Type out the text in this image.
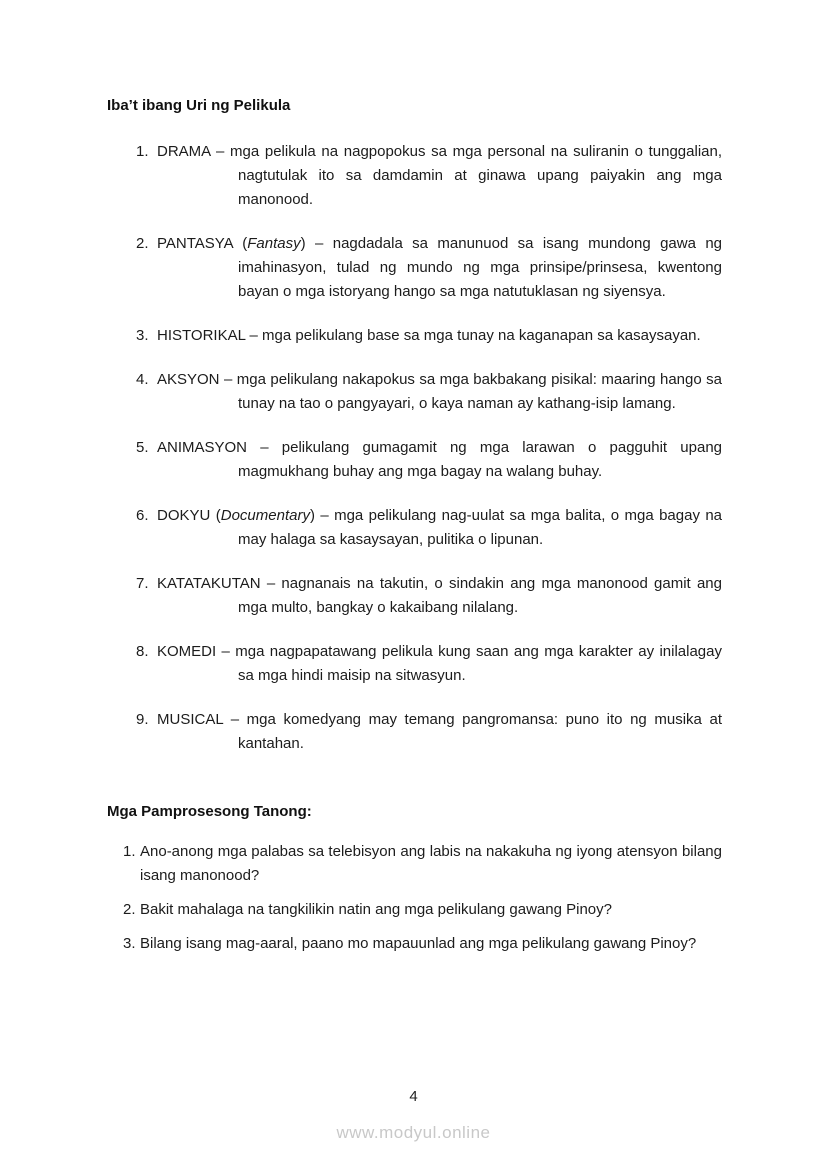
Iba’t ibang Uri ng Pelikula
1. DRAMA – mga pelikula na nagpopokus sa mga personal na suliranin o tunggalian, nagtutulak ito sa damdamin at ginawa upang paiyakin ang mga manonood.
2. PANTASYA (Fantasy) – nagdadala sa manunuod sa isang mundong gawa ng imahinasyon, tulad ng mundo ng mga prinsipe/prinsesa, kwentong bayan o mga istoryang hango sa mga natutuklasan ng siyensya.
3. HISTORIKAL – mga pelikulang base sa mga tunay na kaganapan sa kasaysayan.
4. AKSYON – mga pelikulang nakapokus sa mga bakbakang pisikal: maaring hango sa tunay na tao o pangyayari, o kaya naman ay kathang-isip lamang.
5. ANIMASYON – pelikulang gumagamit ng mga larawan o pagguhit upang magmukhang buhay ang mga bagay na walang buhay.
6. DOKYU (Documentary) – mga pelikulang nag-uulat sa mga balita, o mga bagay na may halaga sa kasaysayan, pulitika o lipunan.
7. KATATAKUTAN – nagnanais na takutin, o sindakin ang mga manonood gamit ang mga multo, bangkay o kakaibang nilalang.
8. KOMEDI – mga nagpapatawang pelikula kung saan ang mga karakter ay inilalagay sa mga hindi maisip na sitwasyun.
9. MUSICAL – mga komedyang may temang pangromansa: puno ito ng musika at kantahan.
Mga Pamprosesong Tanong:
1. Ano-anong mga palabas sa telebisyon ang labis na nakakuha ng iyong atensyon bilang isang manonood?
2. Bakit mahalaga na tangkilikin natin ang mga pelikulang gawang Pinoy?
3. Bilang isang mag-aaral, paano mo mapauunlad ang mga pelikulang gawang Pinoy?
4
www.modyul.online
